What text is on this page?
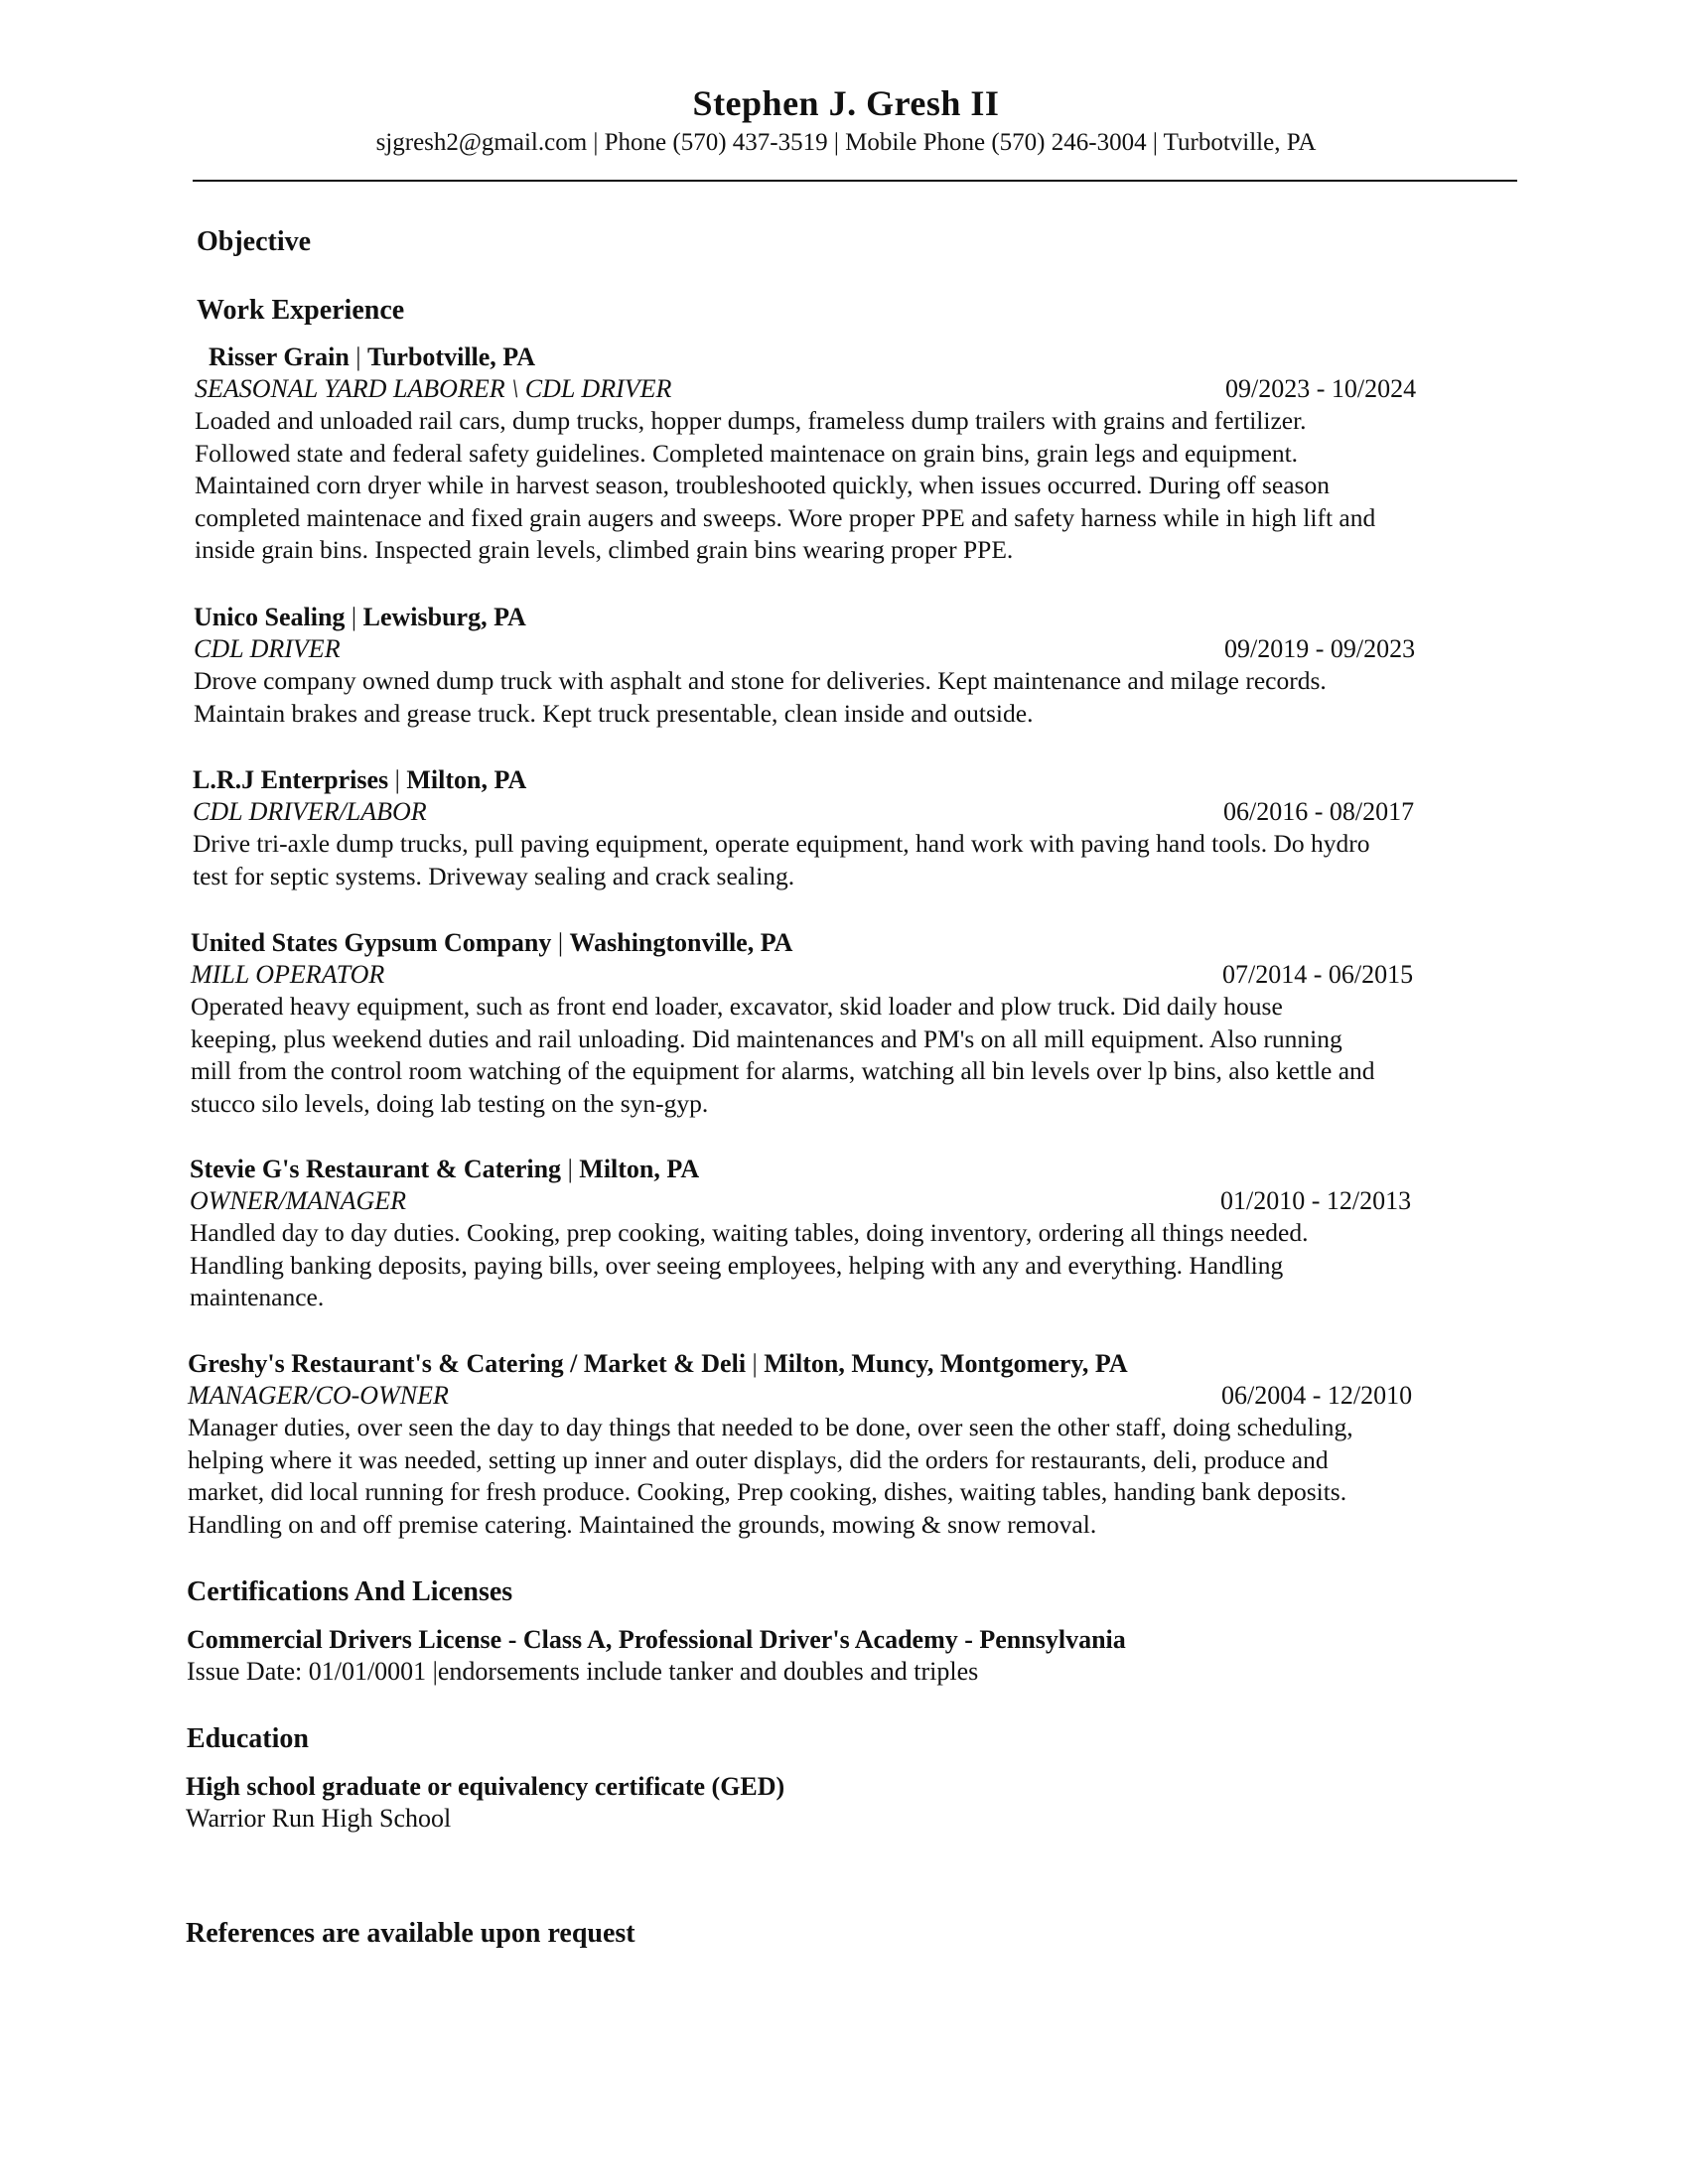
Stephen J. Gresh II
sjgresh2@gmail.com | Phone (570) 437-3519 | Mobile Phone (570) 246-3004 | Turbotville, PA
Objective
Work Experience
Risser Grain | Turbotville, PA
SEASONAL YARD LABORER \ CDL DRIVER	09/2023 - 10/2024
Loaded and unloaded rail cars, dump trucks, hopper dumps, frameless dump trailers with grains and fertilizer.
Followed state and federal safety guidelines. Completed maintenace on grain bins, grain legs and equipment.
Maintained corn dryer while in harvest season, troubleshooted quickly, when issues occurred. During off season
completed maintenace and fixed grain augers and sweeps. Wore proper PPE and safety harness while in high lift and
inside grain bins. Inspected grain levels, climbed grain bins wearing proper PPE.
Unico Sealing | Lewisburg, PA
CDL DRIVER	09/2019 - 09/2023
Drove company owned dump truck with asphalt and stone for deliveries. Kept maintenance and milage records.
Maintain brakes and grease truck. Kept truck presentable, clean inside and outside.
L.R.J Enterprises | Milton, PA
CDL DRIVER/LABOR	06/2016 - 08/2017
Drive tri-axle dump trucks, pull paving equipment, operate equipment, hand work with paving hand tools. Do hydro
test for septic systems. Driveway sealing and crack sealing.
United States Gypsum Company | Washingtonville, PA
MILL OPERATOR	07/2014 - 06/2015
Operated heavy equipment, such as front end loader, excavator, skid loader and plow truck. Did daily house
keeping, plus weekend duties and rail unloading. Did maintenances and PM's on all mill equipment. Also running
mill from the control room watching of the equipment for alarms, watching all bin levels over lp bins, also kettle and
stucco silo levels, doing lab testing on the syn-gyp.
Stevie G's Restaurant & Catering | Milton, PA
OWNER/MANAGER	01/2010 - 12/2013
Handled day to day duties. Cooking, prep cooking, waiting tables, doing inventory, ordering all things needed.
Handling banking deposits, paying bills, over seeing employees, helping with any and everything. Handling
maintenance.
Greshy's Restaurant's & Catering / Market & Deli | Milton, Muncy, Montgomery, PA
MANAGER/CO-OWNER	06/2004 - 12/2010
Manager duties, over seen the day to day things that needed to be done, over seen the other staff, doing scheduling,
helping where it was needed, setting up inner and outer displays, did the orders for restaurants, deli, produce and
market, did local running for fresh produce. Cooking, Prep cooking, dishes, waiting tables, handing bank deposits.
Handling on and off premise catering. Maintained the grounds, mowing & snow removal.
Certifications And Licenses
Commercial Drivers License - Class A, Professional Driver's Academy - Pennsylvania
Issue Date: 01/01/0001 |endorsements include tanker and doubles and triples
Education
High school graduate or equivalency certificate (GED)
Warrior Run High School
References are available upon request
